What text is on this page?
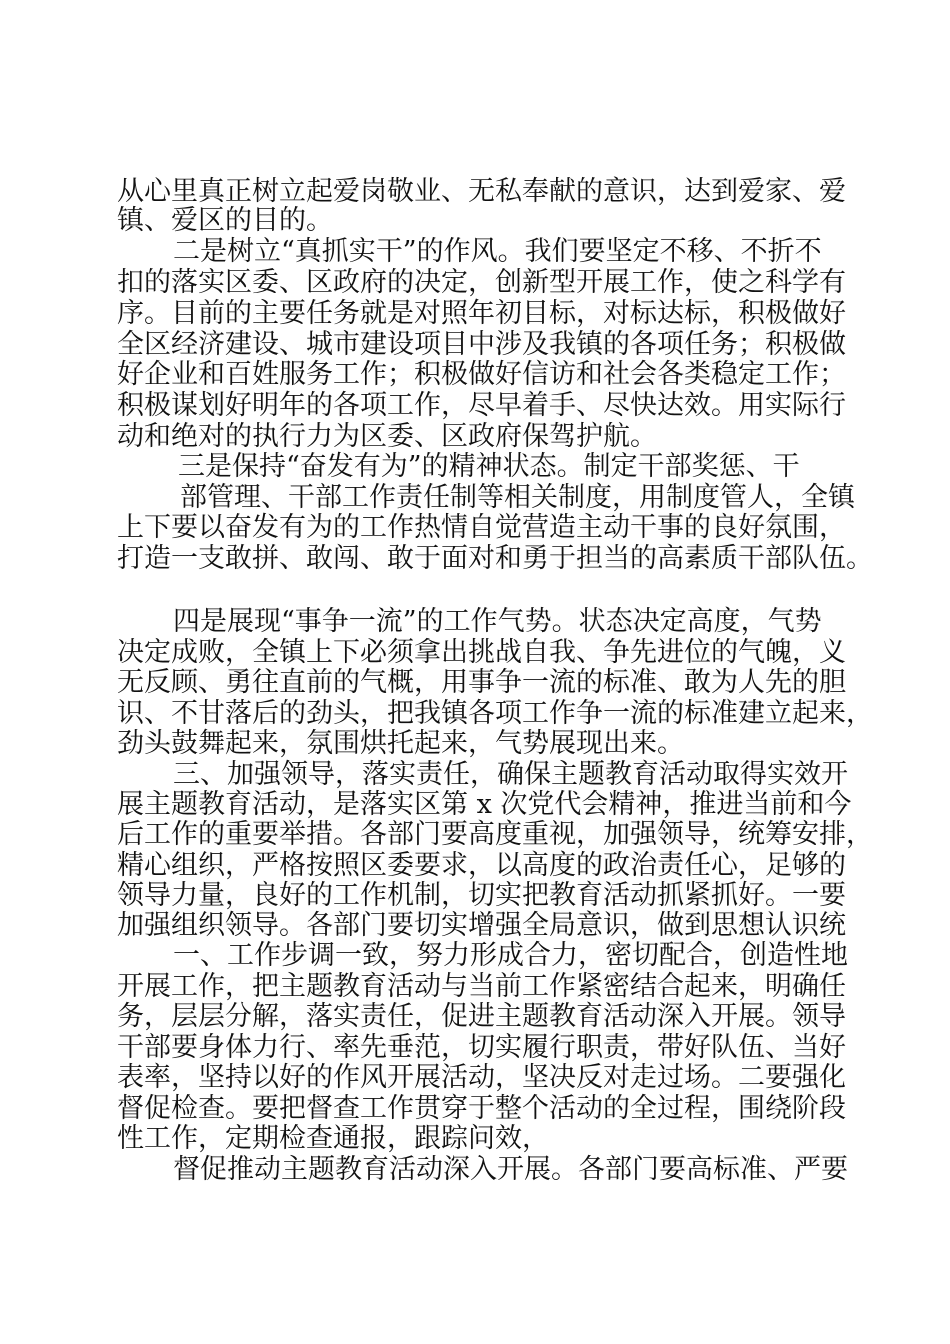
从心里真正树立起爱岗敬业、无私奉献的意识，达到爱家、爱
镇、爱区的目的。
二是树立“真抓实干”的作风。我们要坚定不移、不折不
扣的落实区委、区政府的决定，创新型开展工作，使之科学有
序。目前的主要任务就是对照年初目标，对标达标，积极做好
全区经济建设、城市建设项目中涉及我镇的各项任务；积极做
好企业和百姓服务工作；积极做好信访和社会各类稳定工作；
积极谋划好明年的各项工作，尽早着手、尽快达效。用实际行
动和绝对的执行力为区委、区政府保驾护航。
三是保持“奋发有为”的精神状态。制定干部奖惩、干
部管理、干部工作责任制等相关制度，用制度管人，全镇
上下要以奋发有为的工作热情自觉营造主动干事的良好氛围，
打造一支敢拼、敢闯、敢于面对和勇于担当的高素质干部队伍。
四是展现“事争一流”的工作气势。状态决定高度，气势
决定成败，全镇上下必须拿出挑战自我、争先进位的气魄，义
无反顾、勇往直前的气概，用事争一流的标准、敢为人先的胆
识、不甘落后的劲头，把我镇各项工作争一流的标准建立起来，
劲头鼓舞起来，氛围烘托起来，气势展现出来。
三、加强领导，落实责任，确保主题教育活动取得实效开
展主题教育活动，是落实区第 x 次党代会精神，推进当前和今
后工作的重要举措。各部门要高度重视，加强领导，统筹安排，
精心组织，严格按照区委要求，以高度的政治责任心，足够的
领导力量，良好的工作机制，切实把教育活动抓紧抓好。一要
加强组织领导。各部门要切实增强全局意识，做到思想认识统
一、工作步调一致，努力形成合力，密切配合，创造性地
开展工作，把主题教育活动与当前工作紧密结合起来，明确任
务，层层分解，落实责任，促进主题教育活动深入开展。领导
干部要身体力行、率先垂范，切实履行职责，带好队伍、当好
表率，坚持以好的作风开展活动，坚决反对走过场。二要强化
督促检查。要把督查工作贯穿于整个活动的全过程，围绕阶段
性工作，定期检查通报，跟踪问效，
督促推动主题教育活动深入开展。各部门要高标准、严要
